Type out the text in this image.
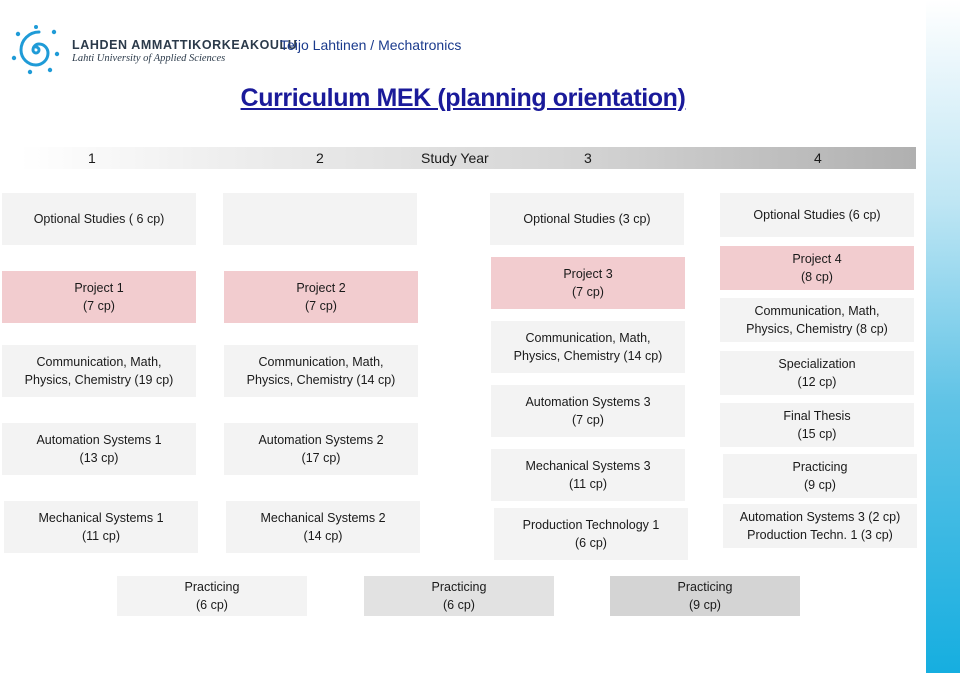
LAHDEN AMMATTIKORKEAKOULU
Lahti University of Applied Sciences
Teijo Lahtinen / Mechatronics
Curriculum MEK (planning orientation)
1	2	Study Year	3	4
Optional Studies ( 6 cp)
Project 1
(7 cp)
Communication, Math,
Physics, Chemistry (19 cp)
Automation Systems 1
(13 cp)
Mechanical Systems 1
(11 cp)
Project 2
(7 cp)
Communication, Math,
Physics, Chemistry (14 cp)
Automation Systems 2
(17 cp)
Mechanical Systems 2
(14 cp)
Optional Studies (3 cp)
Project 3
(7 cp)
Communication, Math,
Physics, Chemistry (14 cp)
Automation Systems 3
(7 cp)
Mechanical Systems 3
(11 cp)
Production Technology 1
(6 cp)
Optional Studies (6 cp)
Project 4
(8 cp)
Communication, Math,
Physics, Chemistry (8 cp)
Specialization
(12 cp)
Final Thesis
(15 cp)
Practicing
(9 cp)
Automation Systems 3 (2 cp)
Production Techn. 1 (3 cp)
Practicing
(6 cp)
Practicing
(6 cp)
Practicing
(9 cp)
